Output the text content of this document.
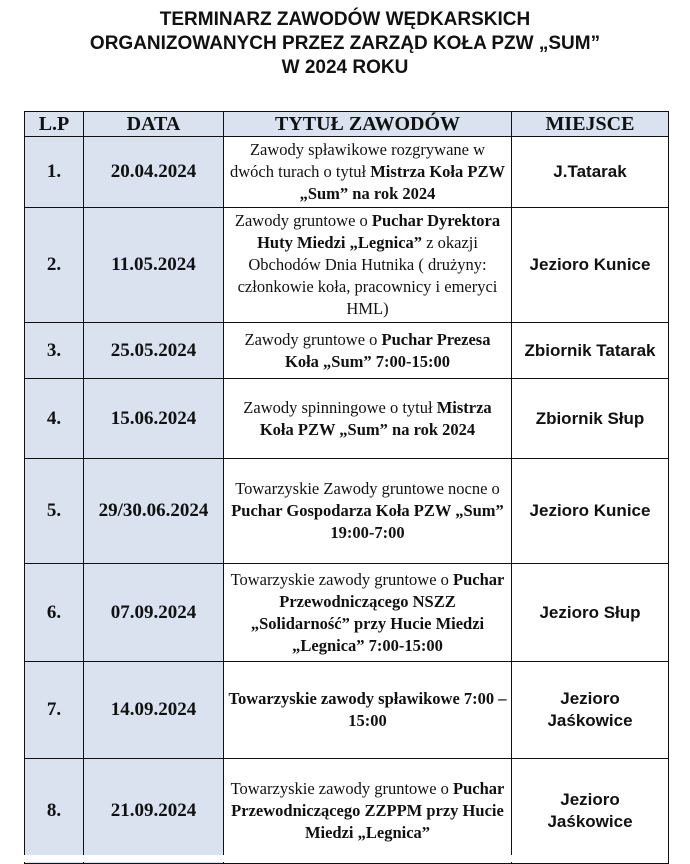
TERMINARZ ZAWODÓW WĘDKARSKICH
ORGANIZOWANYCH PRZEZ ZARZĄD KOŁA PZW „SUM”
W 2024 ROKU
L.P	DATA	TYTUŁ ZAWODÓW	MIEJSCE
1.	20.04.2024	Zawody spławikowe rozgrywane w dwóch turach o tytuł Mistrza Koła PZW „Sum” na rok 2024	J.Tatarak
2.	11.05.2024	Zawody gruntowe o Puchar Dyrektora Huty Miedzi „Legnica” z okazji Obchodów Dnia Hutnika ( drużyny: członkowie koła, pracownicy i emeryci HML)	Jezioro Kunice
3.	25.05.2024	Zawody gruntowe o Puchar Prezesa Koła „Sum” 7:00-15:00	Zbiornik Tatarak
4.	15.06.2024	Zawody spinningowe o tytuł Mistrza Koła PZW „Sum” na rok 2024	Zbiornik Słup
5.	29/30.06.2024	Towarzyskie Zawody gruntowe nocne o Puchar Gospodarza Koła PZW „Sum” 19:00-7:00	Jezioro Kunice
6.	07.09.2024	Towarzyskie zawody gruntowe o Puchar Przewodniczącego NSZZ „Solidarność” przy Hucie Miedzi „Legnica” 7:00-15:00	Jezioro Słup
7.	14.09.2024	Towarzyskie zawody spławikowe 7:00 – 15:00	Jezioro Jaśkowice
8.	21.09.2024	Towarzyskie zawody gruntowe o Puchar Przewodniczącego ZZPPM przy Hucie Miedzi „Legnica”	Jezioro Jaśkowice
